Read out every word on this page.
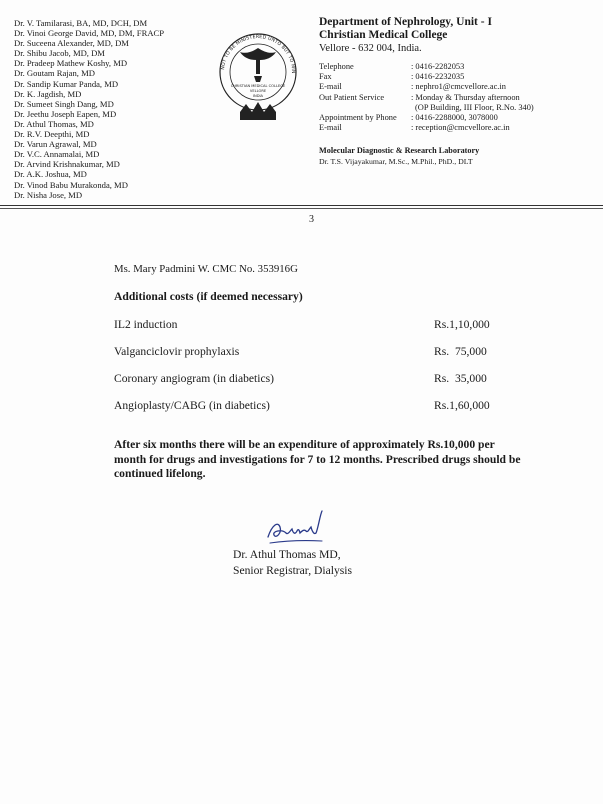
Dr. V. Tamilarasi, BA, MD, DCH, DM
Dr. Vinoi George David, MD, DM, FRACP
Dr. Suceena Alexander, MD, DM
Dr. Shibu Jacob, MD, DM
Dr. Pradeep Mathew Koshy, MD
Dr. Goutam Rajan, MD
Dr. Sandip Kumar Panda, MD
Dr. K. Jagdish, MD
Dr. Sumeet Singh Dang, MD
Dr. Jeethu Joseph Eapen, MD
Dr. Athul Thomas, MD
Dr. R.V. Deepthi, MD
Dr. Varun Agrawal, MD
Dr. V.C. Annamalai, MD
Dr. Arvind Krishnakumar, MD
Dr. A.K. Joshua, MD
Dr. Vinod Babu Murakonda, MD
Dr. Nisha Jose, MD
NOT TO BE MINISTERED UNTO BUT TO MIN
CHRISTIAN MEDICAL COLLEGE
VELLORE
INDIA
Department of Nephrology, Unit - I
Christian Medical College
Vellore - 632 004, India.
Telephone	: 0416-2282053
Fax	: 0416-2232035
E-mail	: nephro1@cmcvellore.ac.in
Out Patient Service	: Monday & Thursday afternoon
(OP Building, III Floor, R.No. 340)
Appointment by Phone	: 0416-2288000, 3078000
E-mail	: reception@cmcvellore.ac.in
Molecular Diagnostic & Research Laboratory
Dr. T.S. Vijayakumar, M.Sc., M.Phil., PhD., DLT
3
Ms. Mary Padmini W. CMC No. 353916G
Additional costs (if deemed necessary)
IL2 induction	Rs.1,10,000
Valganciclovir prophylaxis	Rs.  75,000
Coronary angiogram (in diabetics)	Rs.  35,000
Angioplasty/CABG (in diabetics)	Rs.1,60,000
After six months there will be an expenditure of approximately Rs.10,000 per month for drugs and investigations for 7 to 12 months. Prescribed drugs should be continued lifelong.
Dr. Athul Thomas MD,
Senior Registrar, Dialysis
